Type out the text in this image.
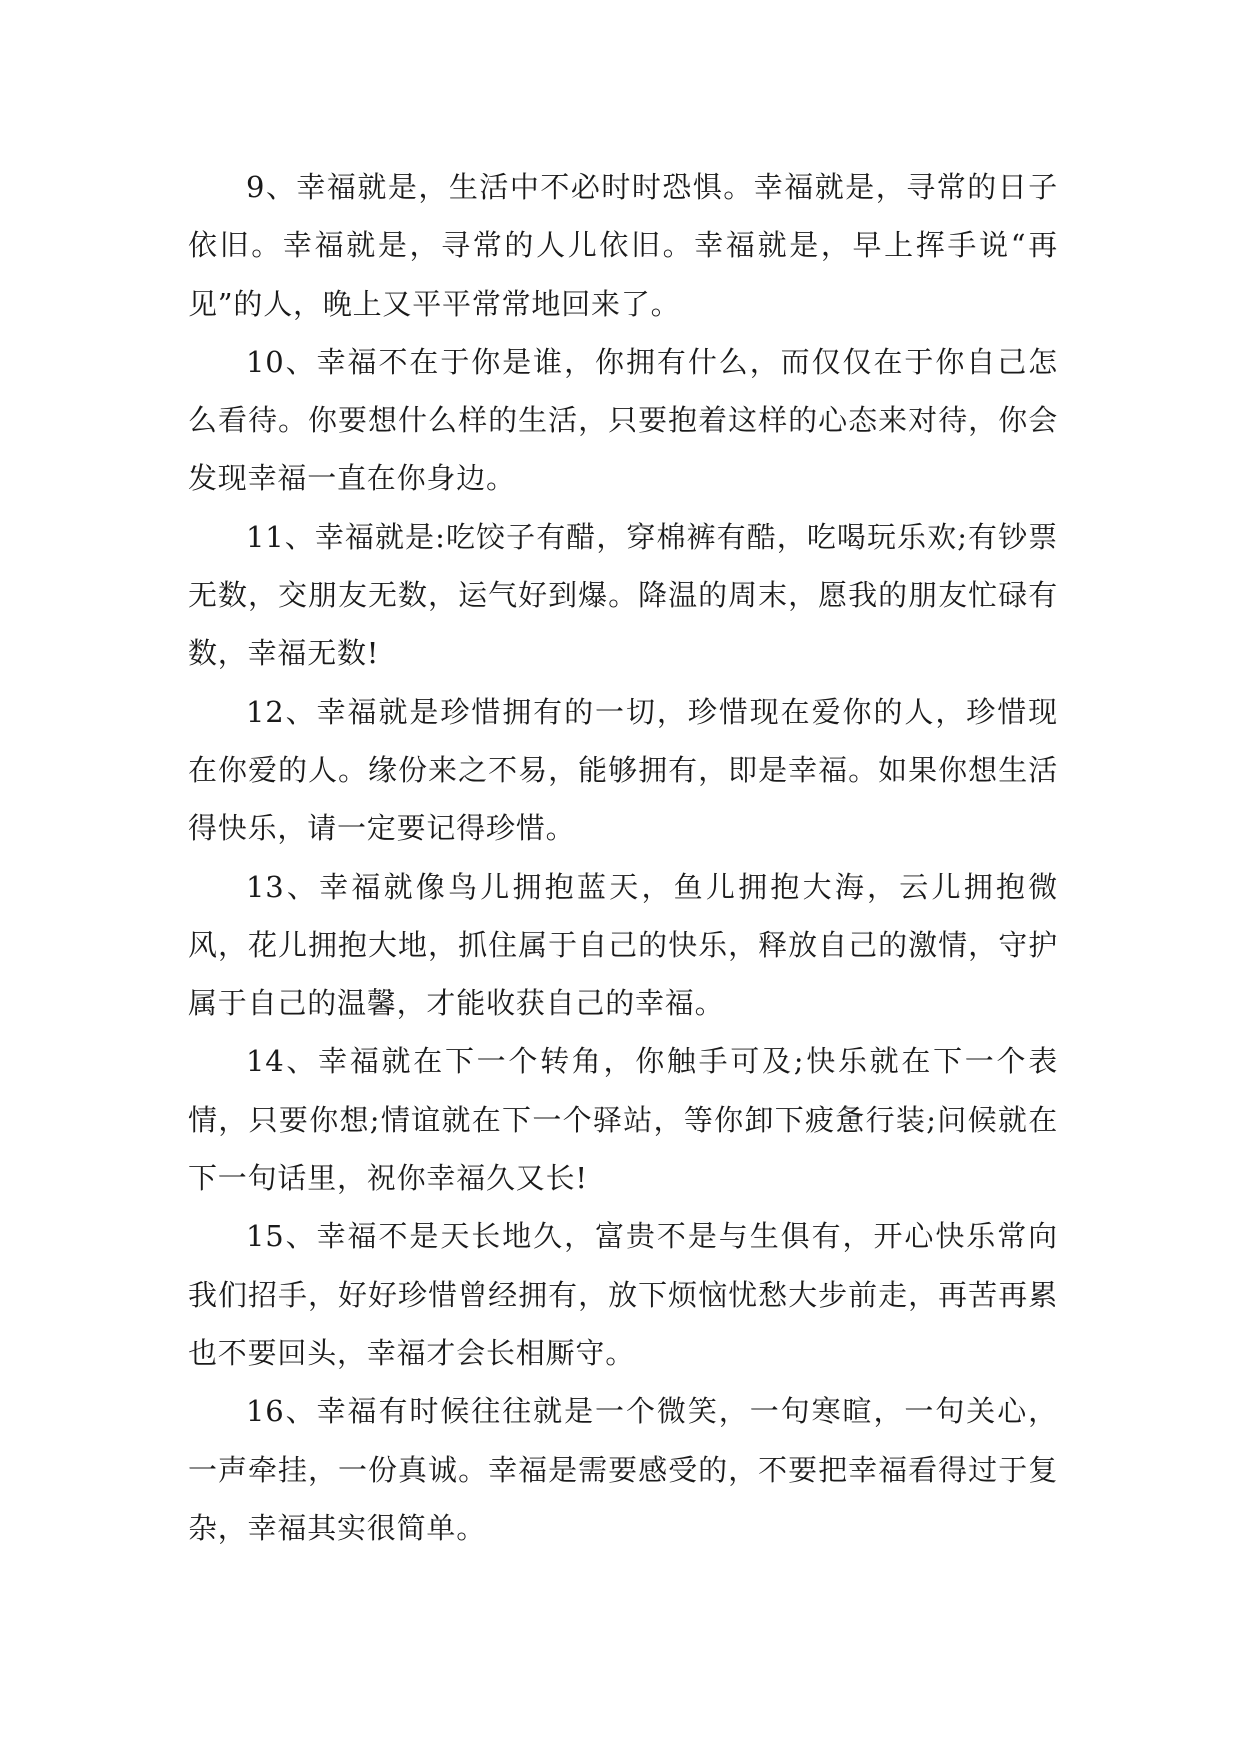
9、幸福就是，生活中不必时时恐惧。幸福就是，寻常的日子依旧。幸福就是，寻常的人儿依旧。幸福就是，早上挥手说“再见”的人，晚上又平平常常地回来了。

10、幸福不在于你是谁，你拥有什么，而仅仅在于你自己怎么看待。你要想什么样的生活，只要抱着这样的心态来对待，你会发现幸福一直在你身边。

11、幸福就是:吃饺子有醋，穿棉裤有酷，吃喝玩乐欢;有钞票无数，交朋友无数，运气好到爆。降温的周末，愿我的朋友忙碌有数，幸福无数!

12、幸福就是珍惜拥有的一切，珍惜现在爱你的人，珍惜现在你爱的人。缘份来之不易，能够拥有，即是幸福。如果你想生活得快乐，请一定要记得珍惜。

13、幸福就像鸟儿拥抱蓝天，鱼儿拥抱大海，云儿拥抱微风，花儿拥抱大地，抓住属于自己的快乐，释放自己的激情，守护属于自己的温馨，才能收获自己的幸福。

14、幸福就在下一个转角，你触手可及;快乐就在下一个表情，只要你想;情谊就在下一个驿站，等你卸下疲惫行装;问候就在下一句话里，祝你幸福久又长!

15、幸福不是天长地久，富贵不是与生俱有，开心快乐常向我们招手，好好珍惜曾经拥有，放下烦恼忧愁大步前走，再苦再累也不要回头，幸福才会长相厮守。

16、幸福有时候往往就是一个微笑，一句寒暄，一句关心，一声牵挂，一份真诚。幸福是需要感受的，不要把幸福看得过于复杂，幸福其实很简单。
